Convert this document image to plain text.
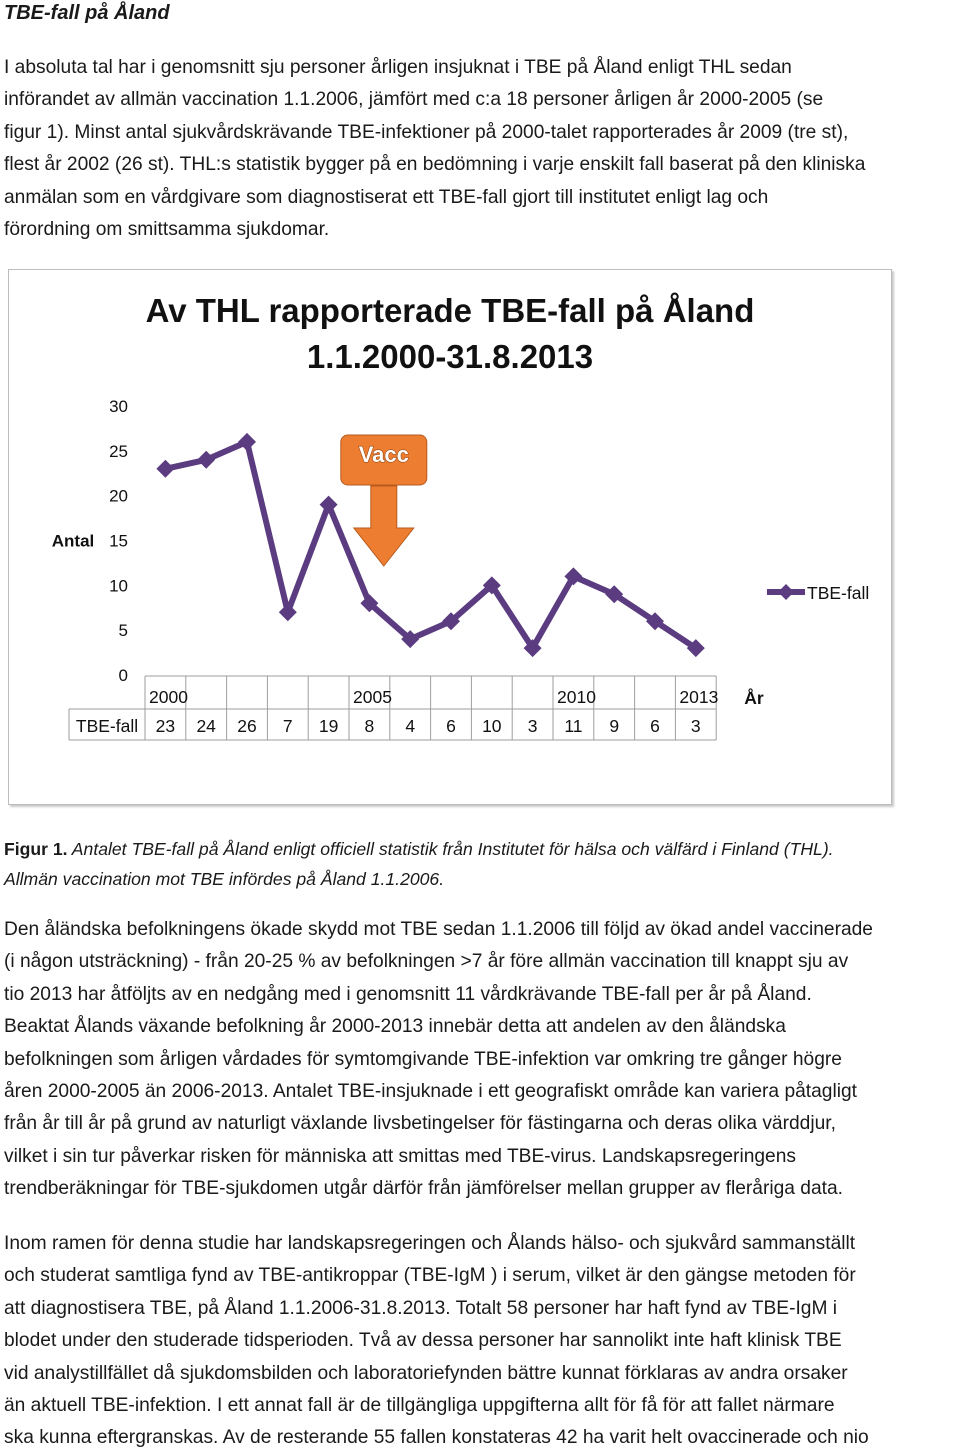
TBE-fall på Åland

I absoluta tal har i genomsnitt sju personer årligen insjuknat i TBE på Åland enligt THL sedan

införandet av allmän vaccination 1.1.2006, jämfört med c:a 18 personer årligen år 2000-2005 (se

figur 1). Minst antal sjukvårdskrävande TBE-infektioner på 2000-talet rapporterades år 2009 (tre st),

flest år 2002 (26 st). THL:s statistik bygger på en bedömning i varje enskilt fall baserat på den kliniska

anmälan som en vårdgivare som diagnostiserat ett TBE-fall gjort till institutet enligt lag och

förordning om smittsamma sjukdomar.

Av THL rapporterade TBE-fall på Åland
1.1.2000-31.8.2013
0
5
10
15
20
25
30
Antal
2000	2005	2010	2013
TBE-fall 23 24 26 7 19 8 4 6 10 3 11 9 6 3
År
Vacc
TBE-fall

Figur 1. Antalet TBE-fall på Åland enligt officiell statistik från Institutet för hälsa och välfärd i Finland (THL).

Allmän vaccination mot TBE infördes på Åland 1.1.2006.

Den åländska befolkningens ökade skydd mot TBE sedan 1.1.2006 till följd av ökad andel vaccinerade

(i någon utsträckning) - från 20-25 % av befolkningen >7 år före allmän vaccination till knappt sju av

tio 2013 har åtföljts av en nedgång med i genomsnitt 11 vårdkrävande TBE-fall per år på Åland.

Beaktat Ålands växande befolkning år 2000-2013 innebär detta att andelen av den åländska

befolkningen som årligen vårdades för symtomgivande TBE-infektion var omkring tre gånger högre

åren 2000-2005 än 2006-2013. Antalet TBE-insjuknade i ett geografiskt område kan variera påtagligt

från år till år på grund av naturligt växlande livsbetingelser för fästingarna och deras olika värddjur,

vilket i sin tur påverkar risken för människa att smittas med TBE-virus. Landskapsregeringens

trendberäkningar för TBE-sjukdomen utgår därför från jämförelser mellan grupper av fleråriga data.

Inom ramen för denna studie har landskapsregeringen och Ålands hälso- och sjukvård sammanställt

och studerat samtliga fynd av TBE-antikroppar (TBE-IgM ) i serum, vilket är den gängse metoden för

att diagnostisera TBE, på Åland 1.1.2006-31.8.2013. Totalt 58 personer har haft fynd av TBE-IgM i

blodet under den studerade tidsperioden. Två av dessa personer har sannolikt inte haft klinisk TBE

vid analystillfället då sjukdomsbilden och laboratoriefynden bättre kunnat förklaras av andra orsaker

än aktuell TBE-infektion. I ett annat fall är de tillgängliga uppgifterna allt för få för att fallet närmare

ska kunna eftergranskas. Av de resterande 55 fallen konstateras 42 ha varit helt ovaccinerade och nio
